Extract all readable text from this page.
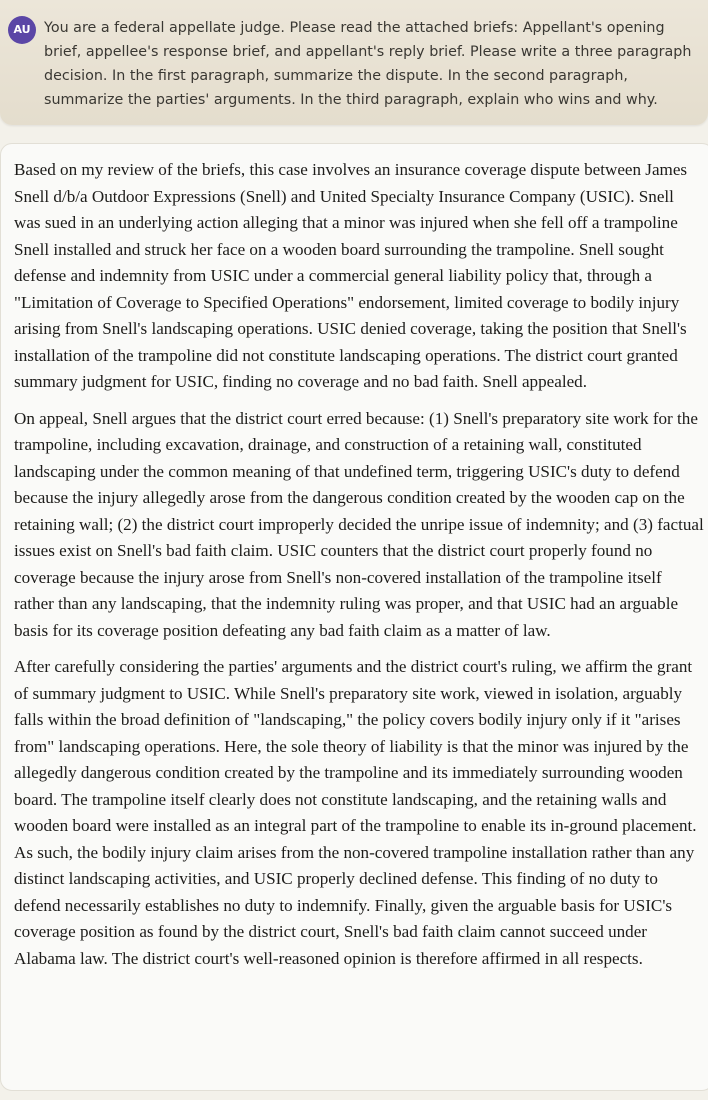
AU You are a federal appellate judge. Please read the attached briefs: Appellant's opening brief, appellee's response brief, and appellant's reply brief. Please write a three paragraph decision. In the first paragraph, summarize the dispute. In the second paragraph, summarize the parties' arguments. In the third paragraph, explain who wins and why.

Based on my review of the briefs, this case involves an insurance coverage dispute between James Snell d/b/a Outdoor Expressions (Snell) and United Specialty Insurance Company (USIC). Snell was sued in an underlying action alleging that a minor was injured when she fell off a trampoline Snell installed and struck her face on a wooden board surrounding the trampoline. Snell sought defense and indemnity from USIC under a commercial general liability policy that, through a "Limitation of Coverage to Specified Operations" endorsement, limited coverage to bodily injury arising from Snell's landscaping operations. USIC denied coverage, taking the position that Snell's installation of the trampoline did not constitute landscaping operations. The district court granted summary judgment for USIC, finding no coverage and no bad faith. Snell appealed.

On appeal, Snell argues that the district court erred because: (1) Snell's preparatory site work for the trampoline, including excavation, drainage, and construction of a retaining wall, constituted landscaping under the common meaning of that undefined term, triggering USIC's duty to defend because the injury allegedly arose from the dangerous condition created by the wooden cap on the retaining wall; (2) the district court improperly decided the unripe issue of indemnity; and (3) factual issues exist on Snell's bad faith claim. USIC counters that the district court properly found no coverage because the injury arose from Snell's non-covered installation of the trampoline itself rather than any landscaping, that the indemnity ruling was proper, and that USIC had an arguable basis for its coverage position defeating any bad faith claim as a matter of law.

After carefully considering the parties' arguments and the district court's ruling, we affirm the grant of summary judgment to USIC. While Snell's preparatory site work, viewed in isolation, arguably falls within the broad definition of "landscaping," the policy covers bodily injury only if it "arises from" landscaping operations. Here, the sole theory of liability is that the minor was injured by the allegedly dangerous condition created by the trampoline and its immediately surrounding wooden board. The trampoline itself clearly does not constitute landscaping, and the retaining walls and wooden board were installed as an integral part of the trampoline to enable its in-ground placement. As such, the bodily injury claim arises from the non-covered trampoline installation rather than any distinct landscaping activities, and USIC properly declined defense. This finding of no duty to defend necessarily establishes no duty to indemnify. Finally, given the arguable basis for USIC's coverage position as found by the district court, Snell's bad faith claim cannot succeed under Alabama law. The district court's well-reasoned opinion is therefore affirmed in all respects.
